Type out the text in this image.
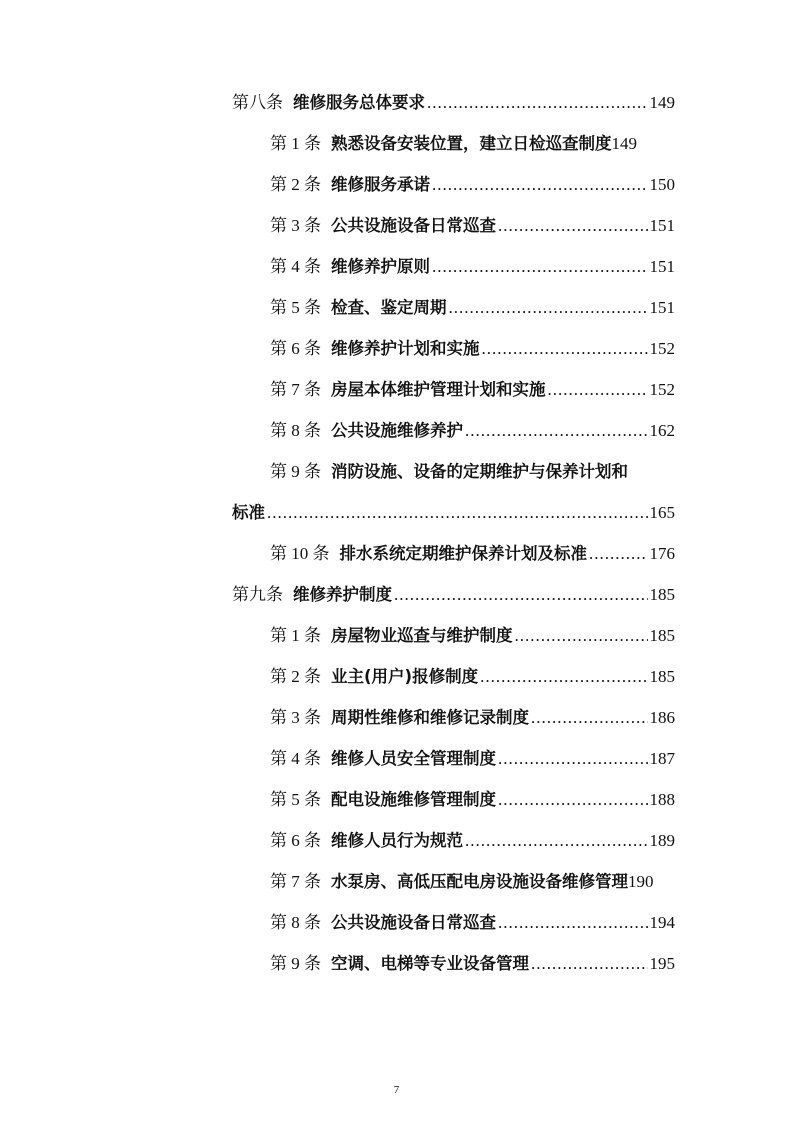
第八条 维修服务总体要求 .....	149
第 1 条 熟悉设备安装位置，建立日检巡查制度 149
第 2 条 维修服务承诺 .....	150
第 3 条 公共设施设备日常巡查 .....	151
第 4 条 维修养护原则 .....	151
第 5 条 检查、鉴定周期 .....	151
第 6 条 维修养护计划和实施 .....	152
第 7 条 房屋本体维护管理计划和实施 .....	152
第 8 条 公共设施维修养护 .....	162
第 9 条 消防设施、设备的定期维护与保养计划和
标准 .....	165
第 10 条 排水系统定期维护保养计划及标准 .....	176
第九条 维修养护制度 .....	185
第 1 条 房屋物业巡查与维护制度 .....	185
第 2 条 业主(用户)报修制度 .....	185
第 3 条 周期性维修和维修记录制度 .....	186
第 4 条 维修人员安全管理制度 .....	187
第 5 条 配电设施维修管理制度 .....	188
第 6 条 维修人员行为规范 .....	189
第 7 条 水泵房、高低压配电房设施设备维修管理 190
第 8 条 公共设施设备日常巡查 .....	194
第 9 条 空调、电梯等专业设备管理 .....	195
7
